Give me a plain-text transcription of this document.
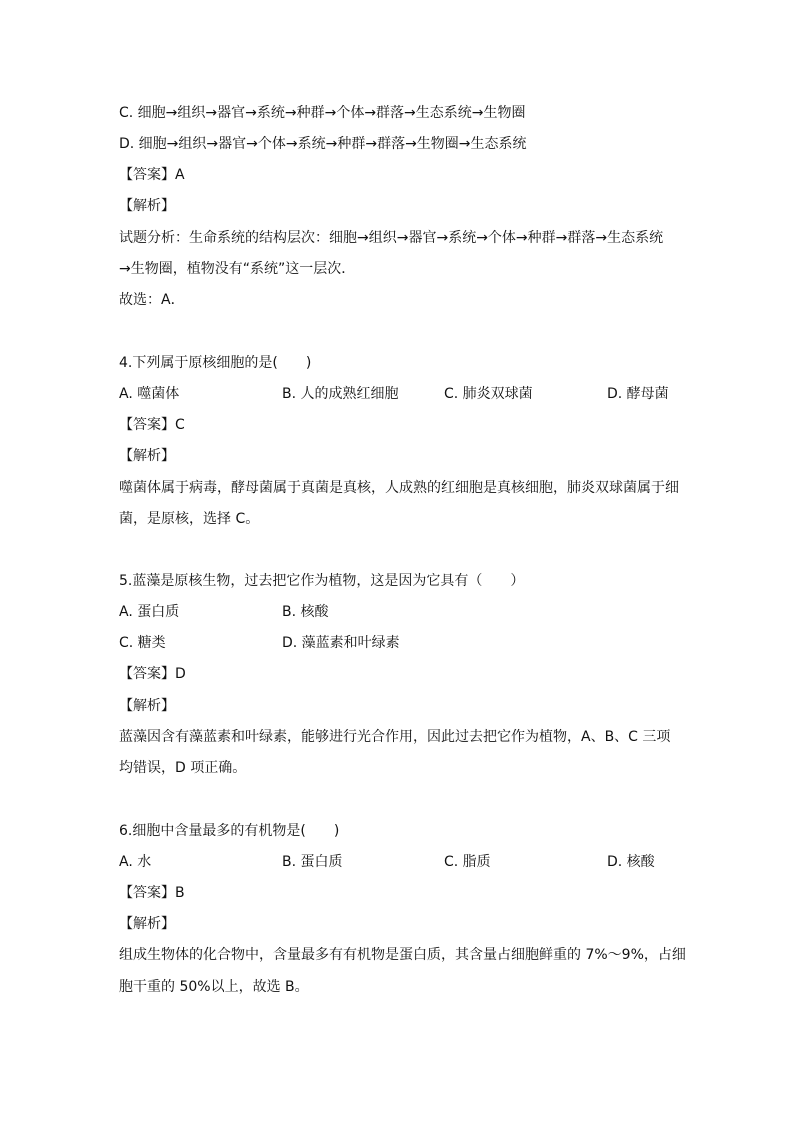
C. 细胞→组织→器官→系统→种群→个体→群落→生态系统→生物圈
D. 细胞→组织→器官→个体→系统→种群→群落→生物圈→生态系统
【答案】A
【解析】
试题分析：生命系统的结构层次：细胞→组织→器官→系统→个体→种群→群落→生态系统
→生物圈，植物没有“系统”这一层次．
故选：A．
4.下列属于原核细胞的是(　　)
A. 噬菌体	B. 人的成熟红细胞	C. 肺炎双球菌	D. 酵母菌
【答案】C
【解析】
噬菌体属于病毒，酵母菌属于真菌是真核，人成熟的红细胞是真核细胞，肺炎双球菌属于细
菌，是原核，选择 C。
5.蓝藻是原核生物，过去把它作为植物，这是因为它具有（　　）
A. 蛋白质	B. 核酸
C. 糖类	D. 藻蓝素和叶绿素
【答案】D
【解析】
蓝藻因含有藻蓝素和叶绿素，能够进行光合作用，因此过去把它作为植物，A、B、C 三项
均错误，D 项正确。
6.细胞中含量最多的有机物是(　　)
A. 水	B. 蛋白质	C. 脂质	D. 核酸
【答案】B
【解析】
组成生物体的化合物中，含量最多有有机物是蛋白质，其含量占细胞鲜重的 7%～9%，占细
胞干重的 50%以上，故选 B。
